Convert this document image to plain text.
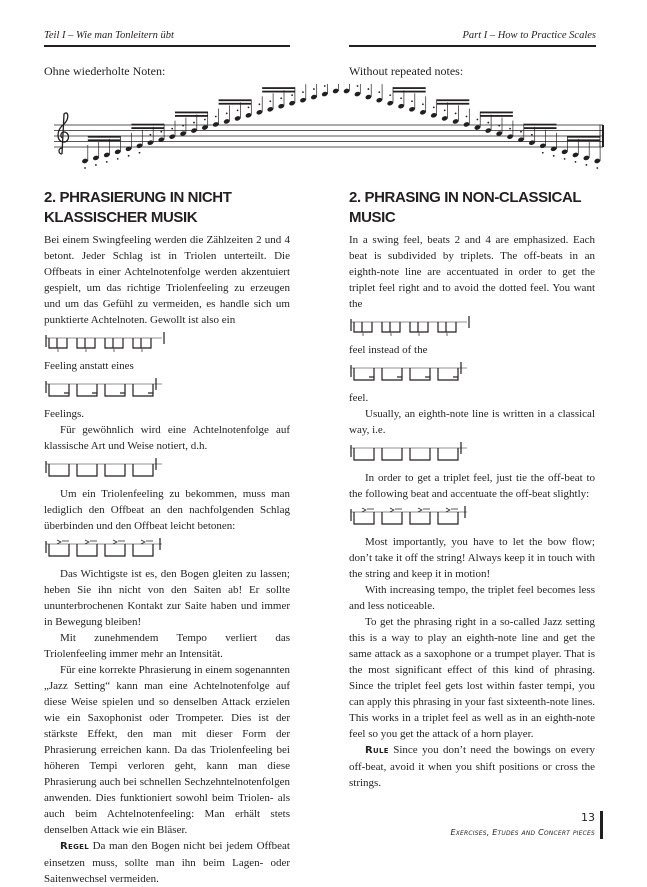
Teil I – Wie man Tonleitern übt	Part I – How to Practice Scales
Ohne wiederholte Noten:	Without repeated notes:
2. PHRASIERUNG IN NICHT
KLASSISCHER MUSIK

Bei einem Swingfeeling werden die Zählzeiten 2 und 4 betont. Jeder Schlag ist in Triolen unterteilt. Die Offbeats in einer Achtelnotenfolge werden akzentuiert gespielt, um das richtige Triolenfeeling zu erzeugen und um das Gefühl zu vermeiden, es handle sich um punktierte Achtelnoten. Gewollt ist also ein

Feeling anstatt eines

Feelings.

Für gewöhnlich wird eine Achtelnotenfolge auf klassische Art und Weise notiert, d.h.

Um ein Triolenfeeling zu bekommen, muss man lediglich den Offbeat an den nachfolgenden Schlag überbinden und den Offbeat leicht betonen:

Das Wichtigste ist es, den Bogen gleiten zu lassen; heben Sie ihn nicht von den Saiten ab! Er sollte ununterbrochenen Kontakt zur Saite haben und immer in Bewegung bleiben!

Mit zunehmendem Tempo verliert das Triolenfeeling immer mehr an Intensität.

Für eine korrekte Phrasierung in einem sogenannten „Jazz Setting“ kann man eine Achtelnotenfolge auf diese Weise spielen und so denselben Attack erzielen wie ein Saxophonist oder Trompeter. Dies ist der stärkste Effekt, den man mit dieser Form der Phrasierung erreichen kann. Da das Triolenfeeling bei höheren Tempi verloren geht, kann man diese Phrasierung auch bei schnellen Sechzehntelnotenfolgen anwenden. Dies funktioniert sowohl beim Triolen- als auch beim Achtelnotenfeeling: Man erhält stets denselben Attack wie ein Bläser.

Regel Da man den Bogen nicht bei jedem Offbeat einsetzen muss, sollte man ihn beim Lagen- oder Saitenwechsel vermeiden.

2. PHRASING IN NON-CLASSICAL
MUSIC

In a swing feel, beats 2 and 4 are emphasized. Each beat is subdivided by triplets. The off-beats in an eighth-note line are accentuated in order to get the triplet feel right and to avoid the dotted feel. You want the

feel instead of the

feel.

Usually, an eighth-note line is written in a classical way, i.e.

In order to get a triplet feel, just tie the off-beat to the following beat and accentuate the off-beat slightly:

Most importantly, you have to let the bow flow; don’t take it off the string! Always keep it in touch with the string and keep it in motion!

With increasing tempo, the triplet feel becomes less and less noticeable.

To get the phrasing right in a so-called Jazz setting this is a way to play an eighth-note line and get the same attack as a saxophone or a trumpet player. That is the most significant effect of this kind of phrasing. Since the triplet feel gets lost within faster tempi, you can apply this phrasing in your fast sixteenth-note lines. This works in a triplet feel as well as in an eighth-note feel so you get the attack of a horn player.

Rule Since you don’t need the bowings on every off-beat, avoid it when you shift positions or cross the strings.

13
Exercises, Etudes and Concert pieces
